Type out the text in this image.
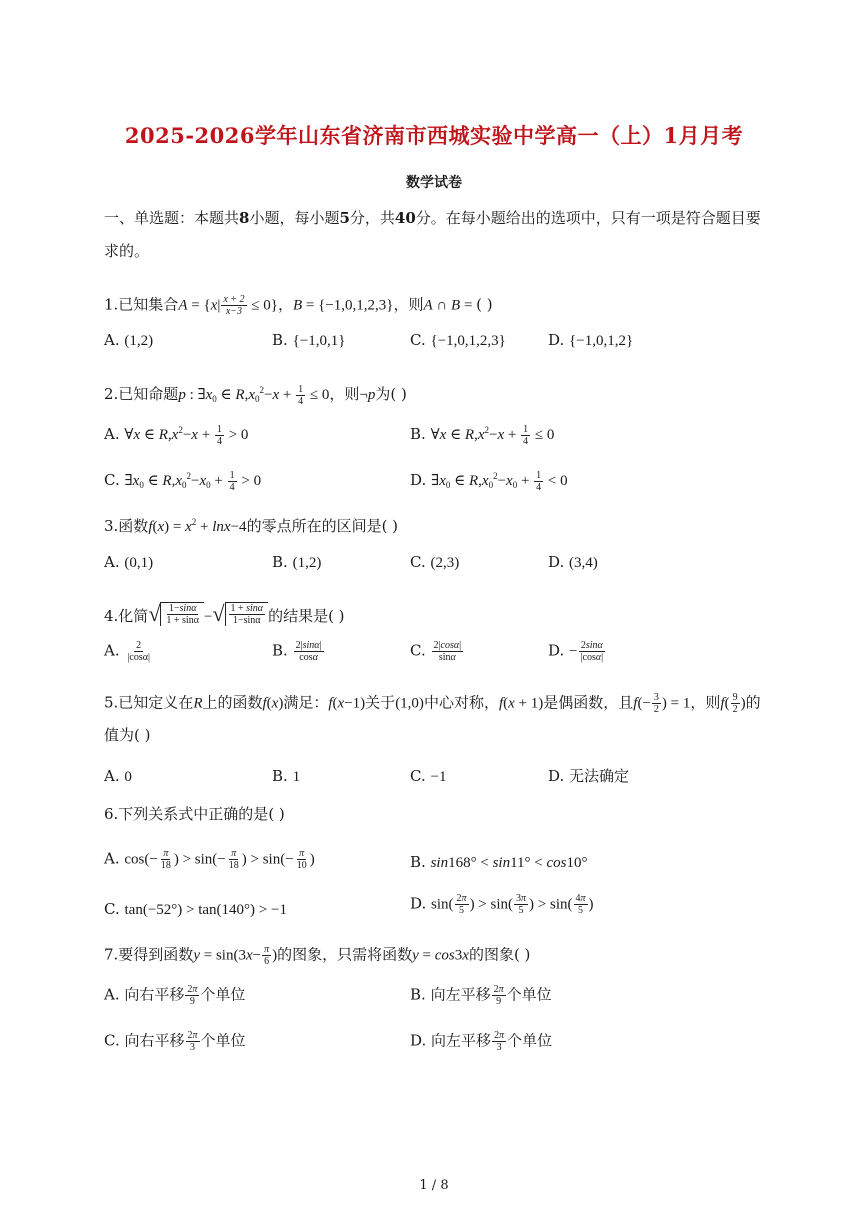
2025-2026学年山东省济南市西城实验中学高一（上）1月月考
数学试卷
一、单选题：本题共8小题，每小题5分，共40分。在每小题给出的选项中，只有一项是符合题目要求的。
1.已知集合$A = \{x| \frac{x + 2}{x-3} \le 0\}$，B = {−1,0,1,2,3}，则A ∩ B = ( )
A. (1,2)	B. {−1,0,1}	C. {−1,0,1,2,3}	D. {−1,0,1,2}
2.已知命题p : $\exists x_0$ ∈ $R,x_0^2-x + \frac{1}{4} \le 0$，则¬p为( )
A. ∀x ∈ $R,x^2-x + \frac{1}{4} > 0$	B. ∀x ∈ $R,x^2-x + \frac{1}{4} \le 0$
C. $\exists x_0$ ∈ $R,x_0^2-x_0 + \frac{1}{4} > 0$	D. $\exists x_0$ ∈ $R,x_0^2-x_0 + \frac{1}{4} < 0$
3.函数$f(x) = x^2 + \ln x-4$的零点所在的区间是( )
A. (0,1)	B. (1,2)	C. (2,3)	D. (3,4)
4.化简 √ $\frac{1-\sin\alpha}{1 + \sin\alpha}$ − √ $\frac{1 + \sin\alpha}{1-\sin\alpha}$ 的结果是( )
A. $\frac{2}{|\cos\alpha|}$	B. $\frac{2|\sin\alpha|}{\cos\alpha}$	C. $\frac{2|\cos\alpha|}{\sin\alpha}$	D. − $\frac{2\sin\alpha}{|\cos\alpha|}$
5.已知定义在R上的函数f(x)满足：f(x−1)关于(1,0)中心对称，f(x + 1)是偶函数，且$f(- \frac{3}{2}$ ) = 1，则$f( \frac{9}{2}$ )的
值为( )
A. 0	B. 1	C. −1	D. 无法确定
6.下列关系式中正确的是( )
A. $\cos(- \frac{\pi}{18}$ ) > $\sin(- \frac{\pi}{18}$ ) > $\sin(- \frac{\pi}{10}$ )	B. sin168° < sin11° < cos10°
C. tan(−52°) > tan(140°) > −1	D. $\sin( \frac{2\pi}{5}$ ) > $\sin( \frac{3\pi}{5}$ ) > $\sin( \frac{4\pi}{5}$ )
7.要得到函数$y = \sin(3x- \frac{\pi}{6}$ )的图象，只需将函数y = cos3x的图象( )
A. 向右平移 $\frac{2\pi}{9}$ 个单位	B. 向左平移 $\frac{2\pi}{9}$ 个单位
C. 向右平移 $\frac{2\pi}{3}$ 个单位	D. 向左平移 $\frac{2\pi}{3}$ 个单位
1 / 8
